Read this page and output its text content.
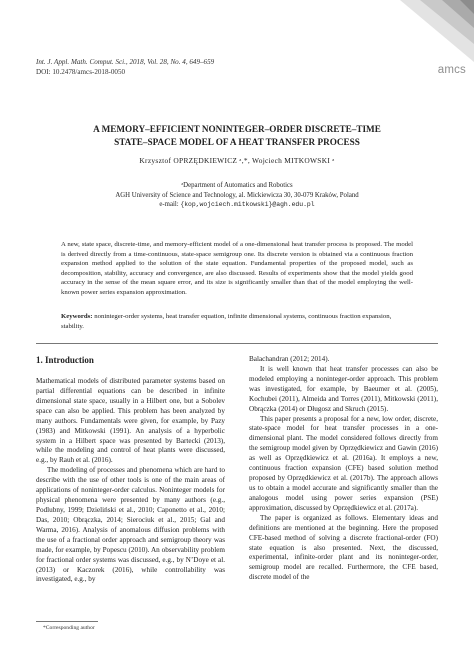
Int. J. Appl. Math. Comput. Sci., 2018, Vol. 28, No. 4, 649–659
DOI: 10.2478/amcs-2018-0050	amcs
A MEMORY–EFFICIENT NONINTEGER–ORDER DISCRETE–TIME
STATE–SPACE MODEL OF A HEAT TRANSFER PROCESS
Krzysztof OPRZĘDKIEWICZ ᵃ,*, Wojciech MITKOWSKI ᵃ
ᵃDepartment of Automatics and Robotics
AGH University of Science and Technology, al. Mickiewicza 30, 30-079 Kraków, Poland
e-mail: {kop,wojciech.mitkowski}@agh.edu.pl

A new, state space, discrete-time, and memory-efficient model of a one-dimensional heat transfer process is proposed. The model is derived directly from a time-continuous, state-space semigroup one. Its discrete version is obtained via a continuous fraction expansion method applied to the solution of the state equation. Fundamental properties of the proposed model, such as decomposition, stability, accuracy and convergence, are also discussed. Results of experiments show that the model yields good accuracy in the sense of the mean square error, and its size is significantly smaller than that of the model employing the well-known power series expansion approximation.

Keywords: noninteger-order systems, heat transfer equation, infinite dimensional systems, continuous fraction expansion, stability.

1. Introduction

Mathematical models of distributed parameter systems based on partial differential equations can be described in infinite dimensional state space, usually in a Hilbert one, but a Sobolev space can also be applied. This problem has been analyzed by many authors. Fundamentals were given, for example, by Pazy (1983) and Mitkowski (1991). An analysis of a hyperbolic system in a Hilbert space was presented by Bartecki (2013), while the modeling and control of heat plants were discussed, e.g., by Rauh et al. (2016).

The modeling of processes and phenomena which are hard to describe with the use of other tools is one of the main areas of applications of noninteger-order calculus. Noninteger models for physical phenomena were presented by many authors (e.g., Podlubny, 1999; Dzieliński et al., 2010; Caponetto et al., 2010; Das, 2010; Obrączka, 2014; Sierociuk et al., 2015; Gal and Warma, 2016). Analysis of anomalous diffusion problems with the use of a fractional order approach and semigroup theory was made, for example, by Popescu (2010). An observability problem for fractional order systems was discussed, e.g., by N’Doye et al. (2013) or Kaczorek (2016), while controllability was investigated, e.g., by

Balachandran (2012; 2014).

It is well known that heat transfer processes can also be modeled employing a noninteger-order approach. This problem was investigated, for example, by Baeumer et al. (2005), Kochubei (2011), Almeida and Torres (2011), Mitkowski (2011), Obrączka (2014) or Długosz and Skruch (2015).

This paper presents a proposal for a new, low order, discrete, state-space model for heat transfer processes in a one-dimensional plant. The model considered follows directly from the semigroup model given by Oprzędkiewicz and Gawin (2016) as well as Oprzędkiewicz et al. (2016a). It employs a new, continuous fraction expansion (CFE) based solution method proposed by Oprzędkiewicz et al. (2017b). The approach allows us to obtain a model accurate and significantly smaller than the analogous model using power series expansion (PSE) approximation, discussed by Oprzędkiewicz et al. (2017a).

The paper is organized as follows. Elementary ideas and definitions are mentioned at the beginning. Here the proposed CFE-based method of solving a discrete fractional-order (FO) state equation is also presented. Next, the discussed, experimental, infinite-order plant and its noninteger-order, semigroup model are recalled. Furthermore, the CFE based, discrete model of the

*Corresponding author
